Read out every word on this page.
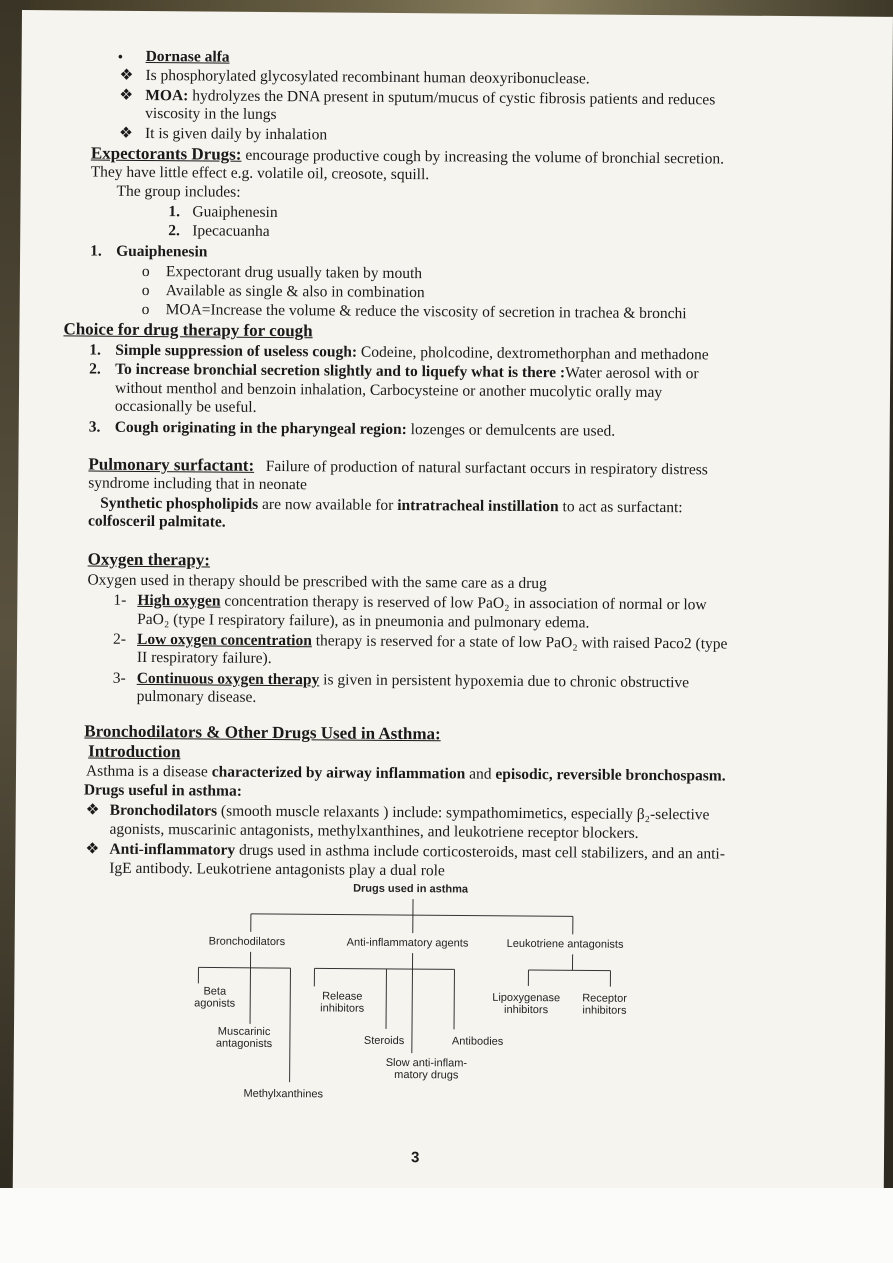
• Dornase alfa
❖ Is phosphorylated glycosylated recombinant human deoxyribonuclease.
❖ MOA: hydrolyzes the DNA present in sputum/mucus of cystic fibrosis patients and reduces
viscosity in the lungs
❖ It is given daily by inhalation
Expectorants Drugs: encourage productive cough by increasing the volume of bronchial secretion.
They have little effect e.g. volatile oil, creosote, squill.
The group includes:
1. Guaiphenesin
2. Ipecacuanha
1. Guaiphenesin
o Expectorant drug usually taken by mouth
o Available as single & also in combination
o MOA=Increase the volume & reduce the viscosity of secretion in trachea & bronchi
Choice for drug therapy for cough
1. Simple suppression of useless cough: Codeine, pholcodine, dextromethorphan and methadone
2. To increase bronchial secretion slightly and to liquefy what is there :Water aerosol with or
without menthol and benzoin inhalation, Carbocysteine or another mucolytic orally may
occasionally be useful.
3. Cough originating in the pharyngeal region: lozenges or demulcents are used.
Pulmonary surfactant: Failure of production of natural surfactant occurs in respiratory distress
syndrome including that in neonate
Synthetic phospholipids are now available for intratracheal instillation to act as surfactant:
colfosceril palmitate.
Oxygen therapy:
Oxygen used in therapy should be prescribed with the same care as a drug
1- High oxygen concentration therapy is reserved of low PaO₂ in association of normal or low
PaO₂ (type I respiratory failure), as in pneumonia and pulmonary edema.
2- Low oxygen concentration therapy is reserved for a state of low PaO₂ with raised Paco2 (type
II respiratory failure).
3- Continuous oxygen therapy is given in persistent hypoxemia due to chronic obstructive
pulmonary disease.
Bronchodilators & Other Drugs Used in Asthma:
Introduction
Asthma is a disease characterized by airway inflammation and episodic, reversible bronchospasm.
Drugs useful in asthma:
❖ Bronchodilators (smooth muscle relaxants ) include: sympathomimetics, especially β₂-selective
agonists, muscarinic antagonists, methylxanthines, and leukotriene receptor blockers.
❖ Anti-inflammatory drugs used in asthma include corticosteroids, mast cell stabilizers, and an anti-
IgE antibody. Leukotriene antagonists play a dual role
Drugs used in asthma
Bronchodilators	Anti-inflammatory agents	Leukotriene antagonists
Beta
agonists
Muscarinic
antagonists
Methylxanthines
Release
inhibitors
Steroids	Antibodies
Slow anti-inflam-
matory drugs
Lipoxygenase
inhibitors
Receptor
inhibitors
3
